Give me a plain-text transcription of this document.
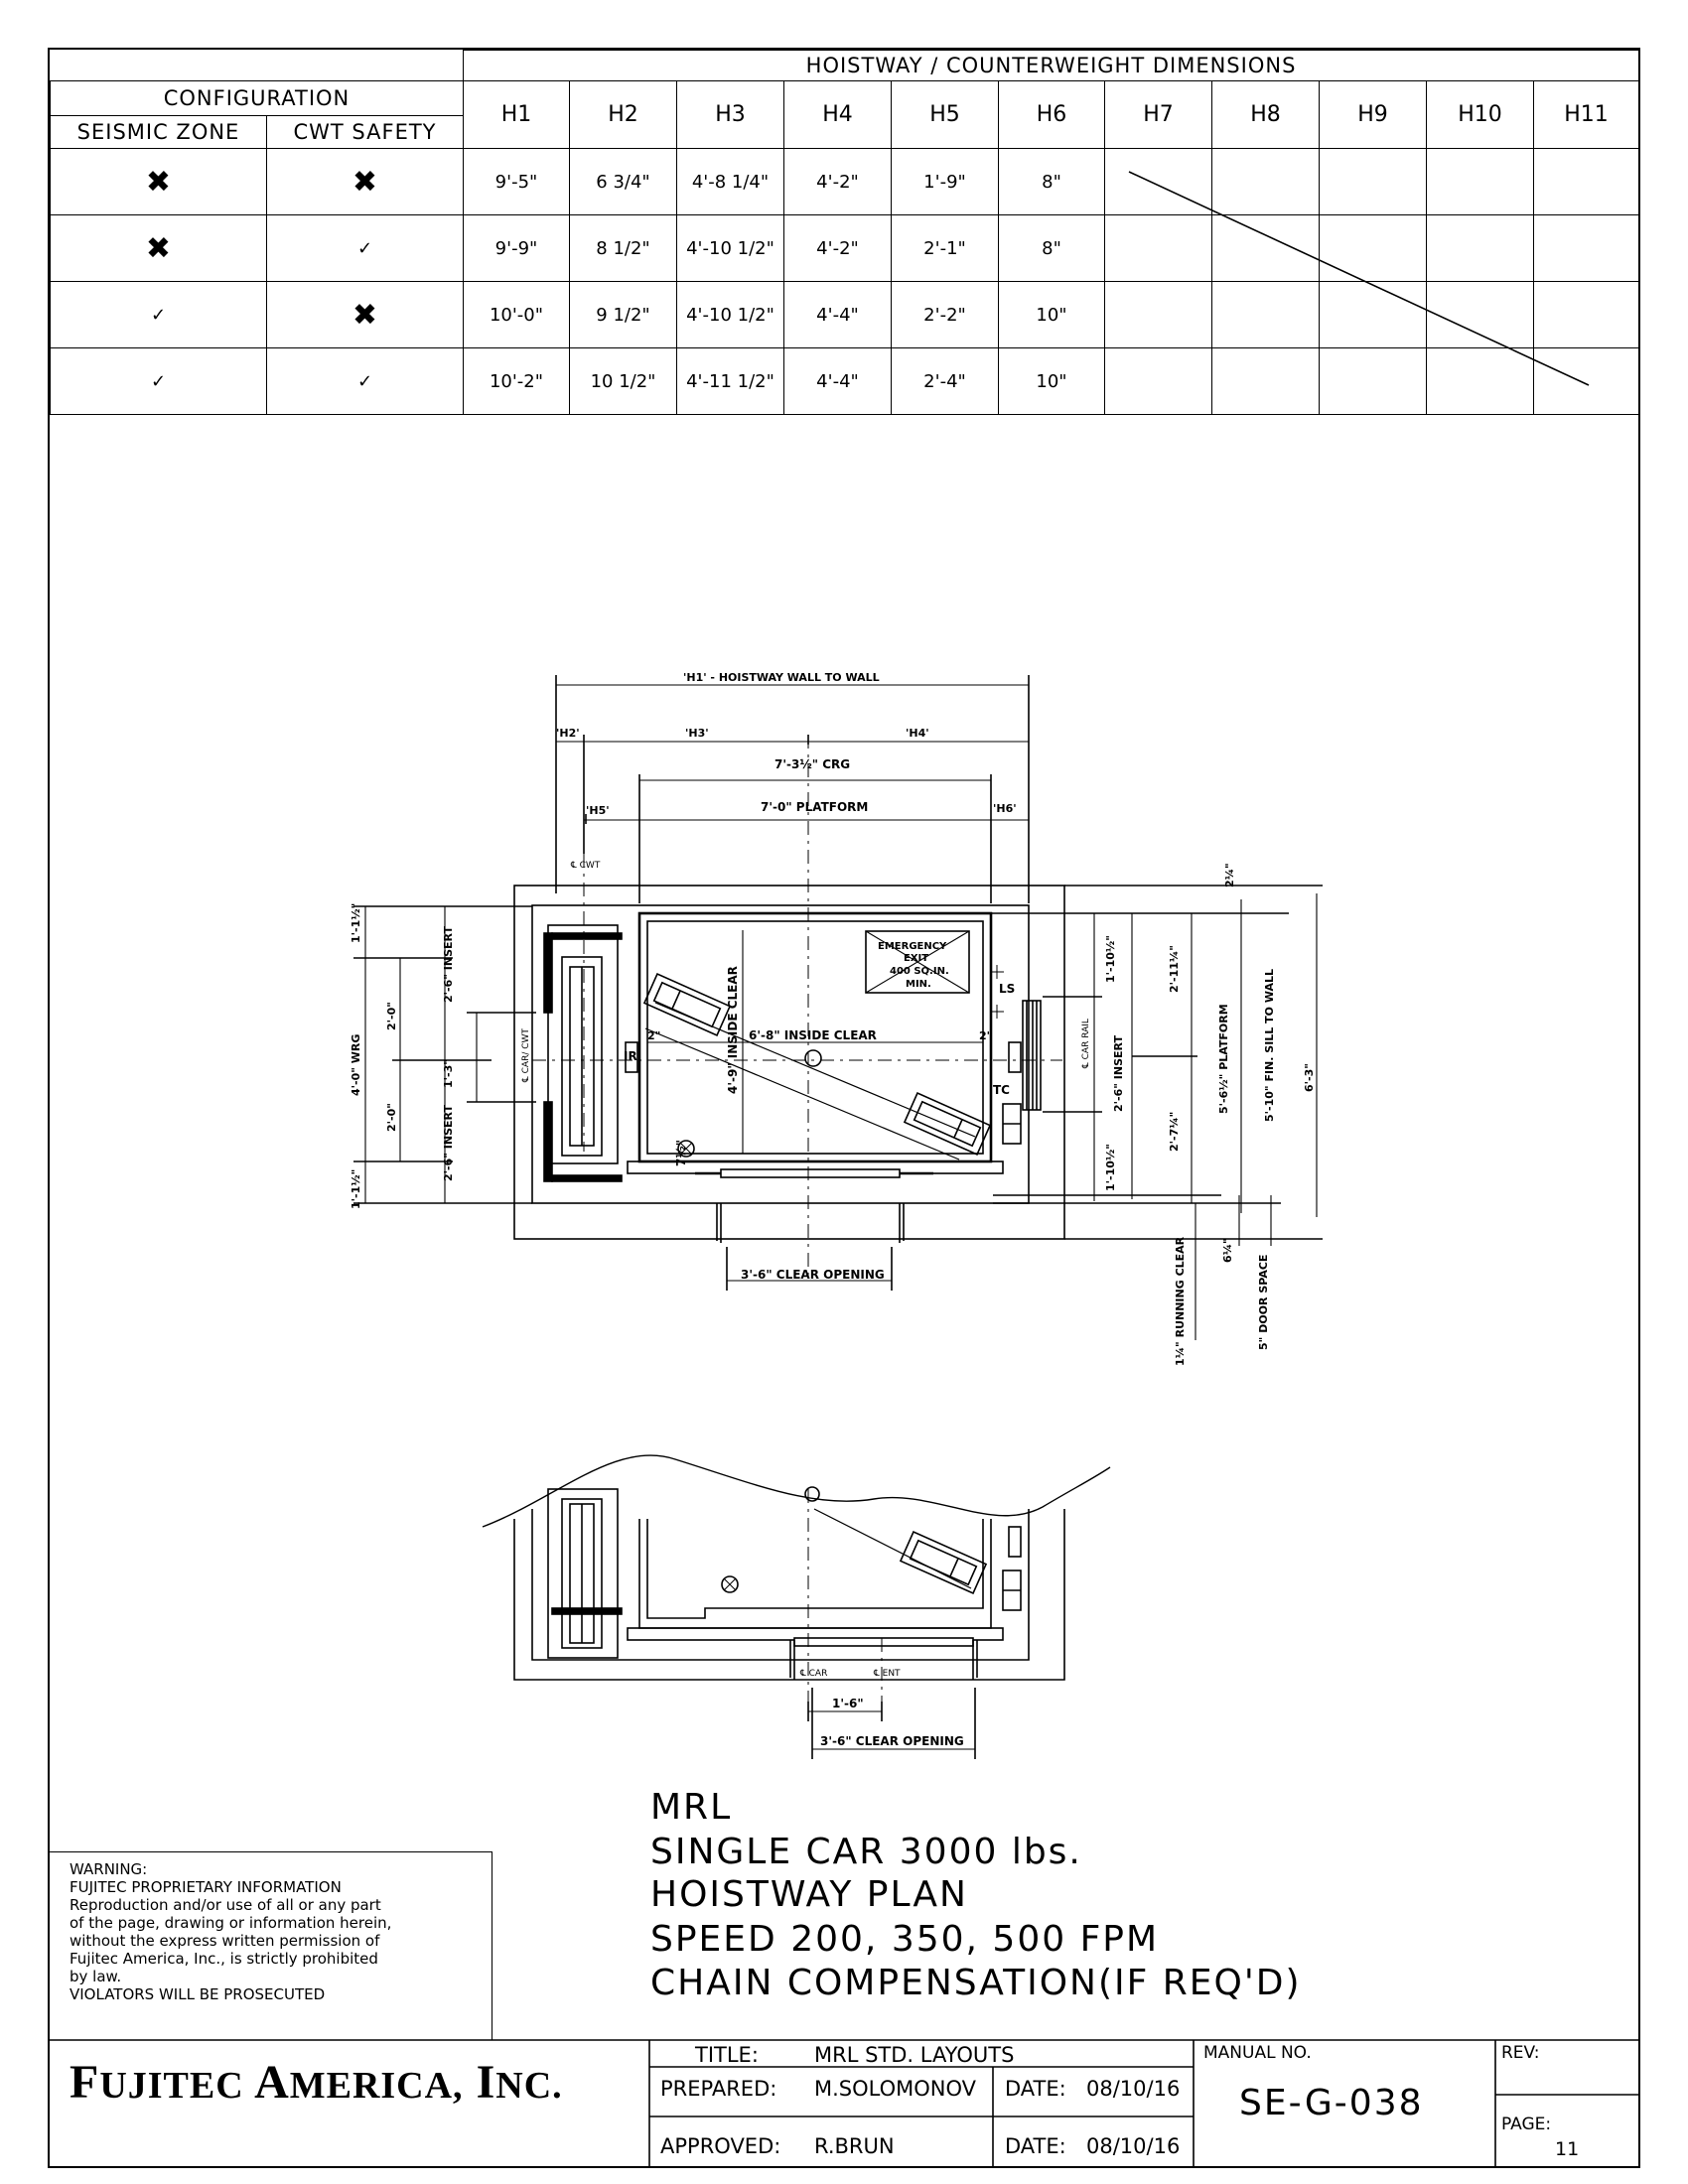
		HOISTWAY / COUNTERWEIGHT DIMENSIONS										
CONFIGURATION		H1	H2	H3	H4	H5	H6	H7	H8	H9	H10	H11
SEISMIC ZONE	CWT SAFETY											
✖	✖	9'-5"	6 3/4"	4'-8 1/4"	4'-2"	1'-9"	8"					
✖	✓	9'-9"	8 1/2"	4'-10 1/2"	4'-2"	2'-1"	8"					
✓	✖	10'-0"	9 1/2"	4'-10 1/2"	4'-4"	2'-2"	10"					
✓	✓	10'-2"	10 1/2"	4'-11 1/2"	4'-4"	2'-4"	10"					
'H1' - HOISTWAY WALL TO WALL
'H2'	'H3'	'H4'
7'-3½" CRG
'H5'	7'-0" PLATFORM	'H6'
℄ CWT
EMERGENCY
EXIT
400 SQ.IN.
MIN.
6'-8" INSIDE CLEAR
2"	2"
IR
LS
TC
7½"
3'-6" CLEAR OPENING
4'-9" INSIDE CLEAR	℄ CAR RAIL
℄ CAR/ CWT
1'-1½"
2'-6" INSERT
2'-0"
1'-3"
4'-0" WRG
2'-0"	2'-6" INSERT
1'-1½"
1'-10½"
2'-6" INSERT
1'-10½"
2'-11¼"
2'-7¼"
5'-6½" PLATFORM	5'-10" FIN. SILL TO WALL 6'-3"
2¼"
6¼"
1¼" RUNNING CLEAR	5" DOOR SPACE
℄ CAR	℄ ENT
1'-6"
3'-6" CLEAR OPENING
MRL
SINGLE CAR 3000 lbs.
HOISTWAY PLAN
SPEED 200, 350, 500 FPM
CHAIN COMPENSATION(IF REQ'D)
WARNING:
FUJITEC PROPRIETARY INFORMATION
Reproduction and/or use of all or any part
of the page, drawing or information herein,
without the express written permission of
Fujitec America, Inc., is strictly prohibited
by law.
VIOLATORS WILL BE PROSECUTED
FUJITEC AMERICA, INC.
TITLE:	MRL STD. LAYOUTS
PREPARED: M.SOLOMONOV
APPROVED: R.BRUN
DATE: 08/10/16
DATE: 08/10/16
MANUAL NO.
SE-G-038
REV:
PAGE:
11
